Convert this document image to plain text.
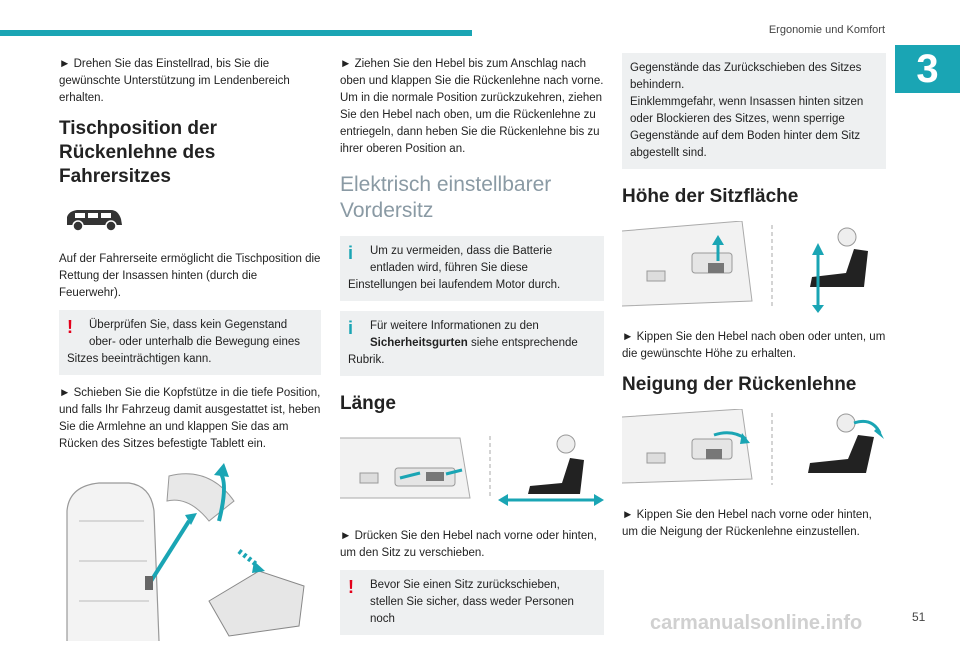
Ergonomie und Komfort
3

► Drehen Sie das Einstellrad, bis Sie die gewünschte Unterstützung im Lendenbereich erhalten.

Tischposition der Rückenlehne des Fahrersitzes

Auf der Fahrerseite ermöglicht die Tischposition die Rettung der Insassen hinten (durch die Feuerwehr).

!	Überprüfen Sie, dass kein Gegenstand ober- oder unterhalb die Bewegung eines
Sitzes beeinträchtigen kann.

► Schieben Sie die Kopfstütze in die tiefe Position, und falls Ihr Fahrzeug damit ausgestattet ist, heben Sie die Armlehne an und klappen Sie das am Rücken des Sitzes befestigte Tablett ein.

► Ziehen Sie den Hebel bis zum Anschlag nach oben und klappen Sie die Rückenlehne nach vorne. Um in die normale Position zurückzukehren, ziehen Sie den Hebel nach oben, um die Rückenlehne zu entriegeln, dann heben Sie die Rückenlehne bis zu ihrer oberen Position an.

Elektrisch einstellbarer Vordersitz
i	Um zu vermeiden, dass die Batterie entladen wird, führen Sie diese
Einstellungen bei laufendem Motor durch.
i	Für weitere Informationen zu den
Sicherheitsgurten siehe entsprechende
Rubrik.
Länge

► Drücken Sie den Hebel nach vorne oder hinten, um den Sitz zu verschieben.

!	Bevor Sie einen Sitz zurückschieben, stellen Sie sicher, dass weder Personen noch
Gegenstände das Zurückschieben des Sitzes behindern.
Einklemmgefahr, wenn Insassen hinten sitzen oder Blockieren des Sitzes, wenn sperrige Gegenstände auf dem Boden hinter dem Sitz abgestellt sind.
Höhe der Sitzfläche

► Kippen Sie den Hebel nach oben oder unten, um die gewünschte Höhe zu erhalten.

Neigung der Rückenlehne

► Kippen Sie den Hebel nach vorne oder hinten, um die Neigung der Rückenlehne einzustellen.

carmanualsonline.info	51
